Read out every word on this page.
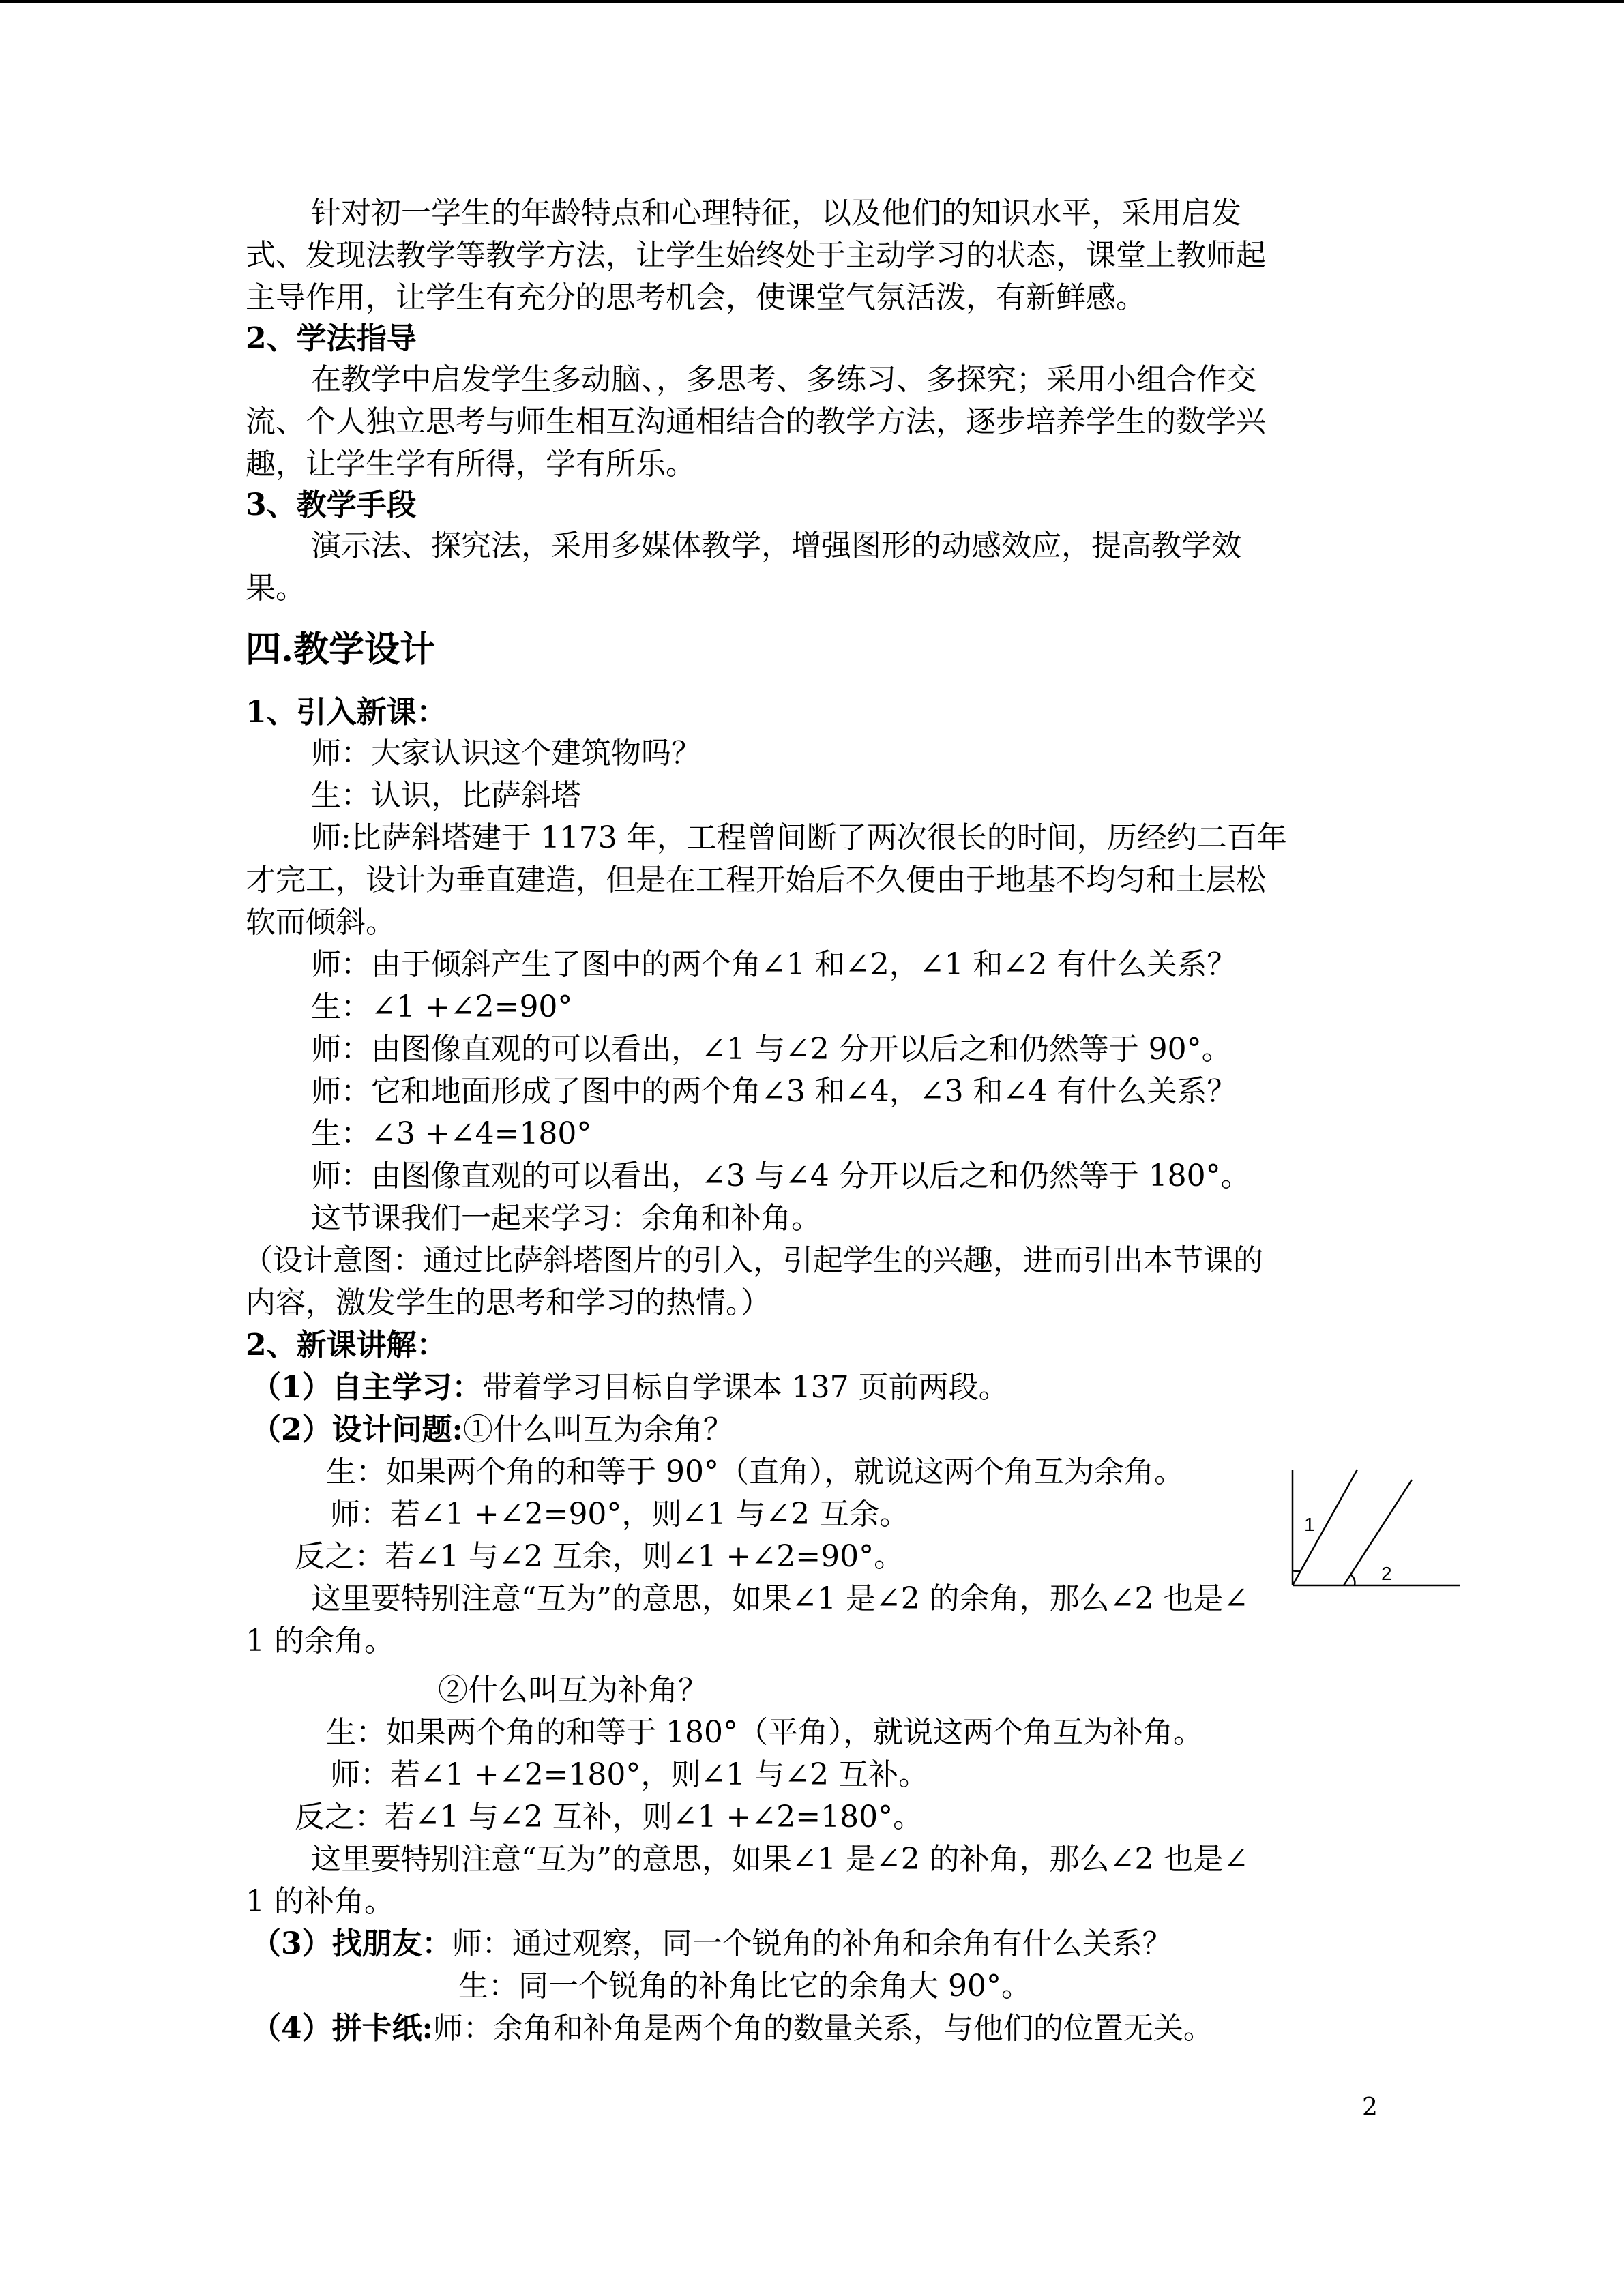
针对初一学生的年龄特点和心理特征，以及他们的知识水平，采用启发
式、发现法教学等教学方法，让学生始终处于主动学习的状态，课堂上教师起
主导作用，让学生有充分的思考机会，使课堂气氛活泼，有新鲜感。
2、学法指导
在教学中启发学生多动脑、，多思考、多练习、多探究；采用小组合作交
流、个人独立思考与师生相互沟通相结合的教学方法，逐步培养学生的数学兴
趣，让学生学有所得，学有所乐。
3、教学手段
演示法、探究法，采用多媒体教学，增强图形的动感效应，提高教学效
果。
四.教学设计
1、引入新课：
师：大家认识这个建筑物吗？
生：认识，比萨斜塔
师:比萨斜塔建于 1173 年，工程曾间断了两次很长的时间，历经约二百年
才完工，设计为垂直建造，但是在工程开始后不久便由于地基不均匀和土层松
软而倾斜。
师：由于倾斜产生了图中的两个角∠1 和∠2，∠1 和∠2 有什么关系？
生：∠1 +∠2=90°
师：由图像直观的可以看出，∠1 与∠2 分开以后之和仍然等于 90°。
师：它和地面形成了图中的两个角∠3 和∠4，∠3 和∠4 有什么关系？
生：∠3 +∠4=180°
师：由图像直观的可以看出，∠3 与∠4 分开以后之和仍然等于 180°。
这节课我们一起来学习：余角和补角。
（设计意图：通过比萨斜塔图片的引入，引起学生的兴趣，进而引出本节课的
内容，激发学生的思考和学习的热情。）
2、新课讲解：
（1）自主学习：带着学习目标自学课本 137 页前两段。
（2）设计问题:①什么叫互为余角？
生：如果两个角的和等于 90°（直角），就说这两个角互为余角。
师：若∠1 +∠2=90°，则∠1 与∠2 互余。
反之：若∠1 与∠2 互余，则∠1 +∠2=90°。
这里要特别注意“互为”的意思，如果∠1 是∠2 的余角，那么∠2 也是∠
1 的余角。
②什么叫互为补角？
生：如果两个角的和等于 180°（平角），就说这两个角互为补角。
师：若∠1 +∠2=180°，则∠1 与∠2 互补。
反之：若∠1 与∠2 互补，则∠1 +∠2=180°。
这里要特别注意“互为”的意思，如果∠1 是∠2 的补角，那么∠2 也是∠
1 的补角。
（3）找朋友：师：通过观察，同一个锐角的补角和余角有什么关系？
生：同一个锐角的补角比它的余角大 90°。
（4）拼卡纸:师：余角和补角是两个角的数量关系，与他们的位置无关。
1
2
2
